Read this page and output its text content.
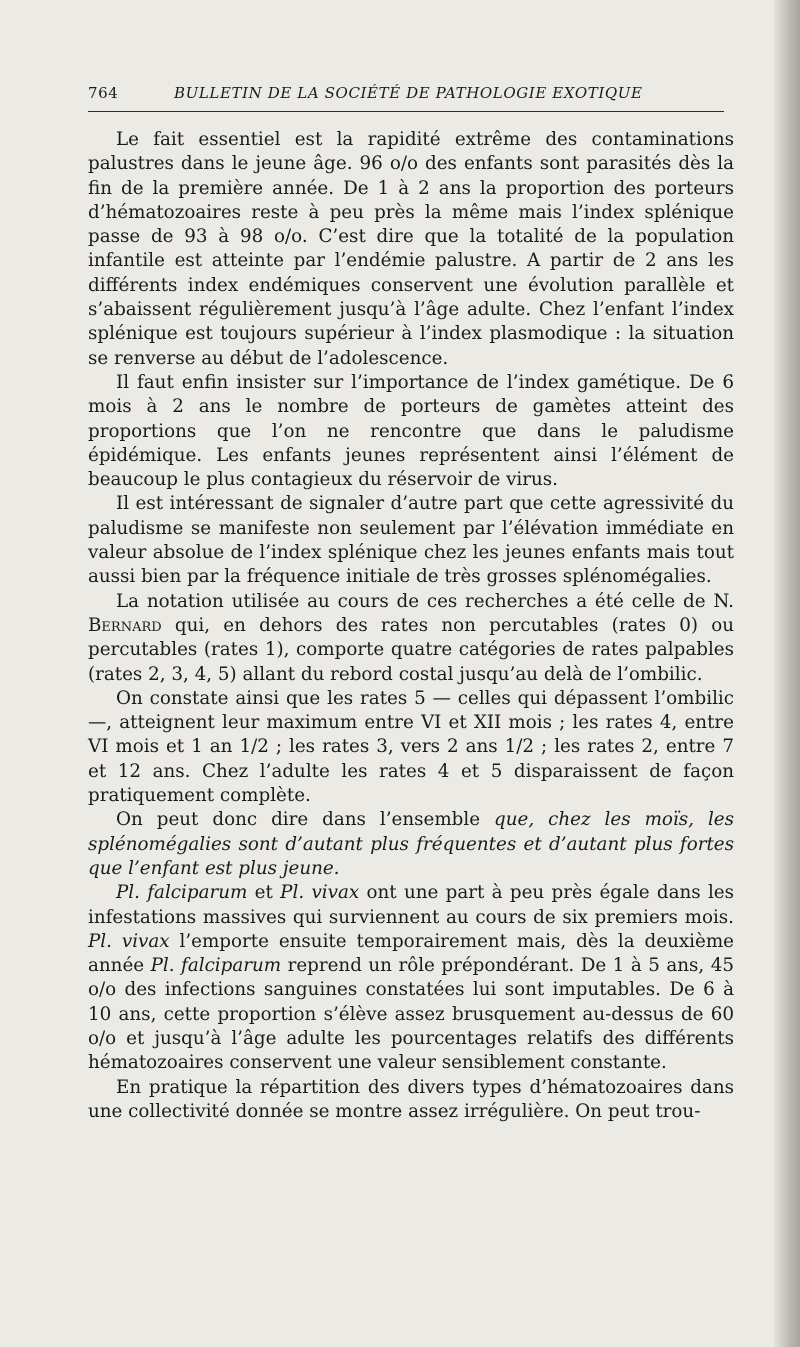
764	BULLETIN DE LA SOCIÉTÉ DE PATHOLOGIE EXOTIQUE

Le fait essentiel est la rapidité extrême des contaminations palustres dans le jeune âge. 96 o/o des enfants sont parasités dès la fin de la première année. De 1 à 2 ans la proportion des porteurs d’hématozoaires reste à peu près la même mais l’index splénique passe de 93 à 98 o/o. C’est dire que la totalité de la population infantile est atteinte par l’endémie palustre. A partir de 2 ans les différents index endémiques conservent une évolution parallèle et s’abaissent régulièrement jusqu’à l’âge adulte. Chez l’enfant l’index splénique est toujours supérieur à l’index plasmodique : la situation se renverse au début de l’adolescence.

Il faut enfin insister sur l’importance de l’index gamétique. De 6 mois à 2 ans le nombre de porteurs de gamètes atteint des proportions que l’on ne rencontre que dans le paludisme épidémique. Les enfants jeunes représentent ainsi l’élément de beaucoup le plus contagieux du réservoir de virus.

Il est intéressant de signaler d’autre part que cette agressivité du paludisme se manifeste non seulement par l’élévation immédiate en valeur absolue de l’index splénique chez les jeunes enfants mais tout aussi bien par la fréquence initiale de très grosses splénomégalies.

La notation utilisée au cours de ces recherches a été celle de N. Bernard qui, en dehors des rates non percutables (rates 0) ou percutables (rates 1), comporte quatre catégories de rates palpables (rates 2, 3, 4, 5) allant du rebord costal jusqu’au delà de l’ombilic.

On constate ainsi que les rates 5 — celles qui dépassent l’ombilic —, atteignent leur maximum entre VI et XII mois ; les rates 4, entre VI mois et 1 an 1/2 ; les rates 3, vers 2 ans 1/2 ; les rates 2, entre 7 et 12 ans. Chez l’adulte les rates 4 et 5 disparaissent de façon pratiquement complète.

On peut donc dire dans l’ensemble que, chez les moïs, les splénomégalies sont d’autant plus fréquentes et d’autant plus fortes que l’enfant est plus jeune.

Pl. falciparum et Pl. vivax ont une part à peu près égale dans les infestations massives qui surviennent au cours de six premiers mois. Pl. vivax l’emporte ensuite temporairement mais, dès la deuxième année Pl. falciparum reprend un rôle prépondérant. De 1 à 5 ans, 45 o/o des infections sanguines constatées lui sont imputables. De 6 à 10 ans, cette proportion s’élève assez brusquement au-dessus de 60 o/o et jusqu’à l’âge adulte les pourcentages relatifs des différents hématozoaires conservent une valeur sensiblement constante.

En pratique la répartition des divers types d’hématozoaires dans une collectivité donnée se montre assez irrégulière. On peut trou-
